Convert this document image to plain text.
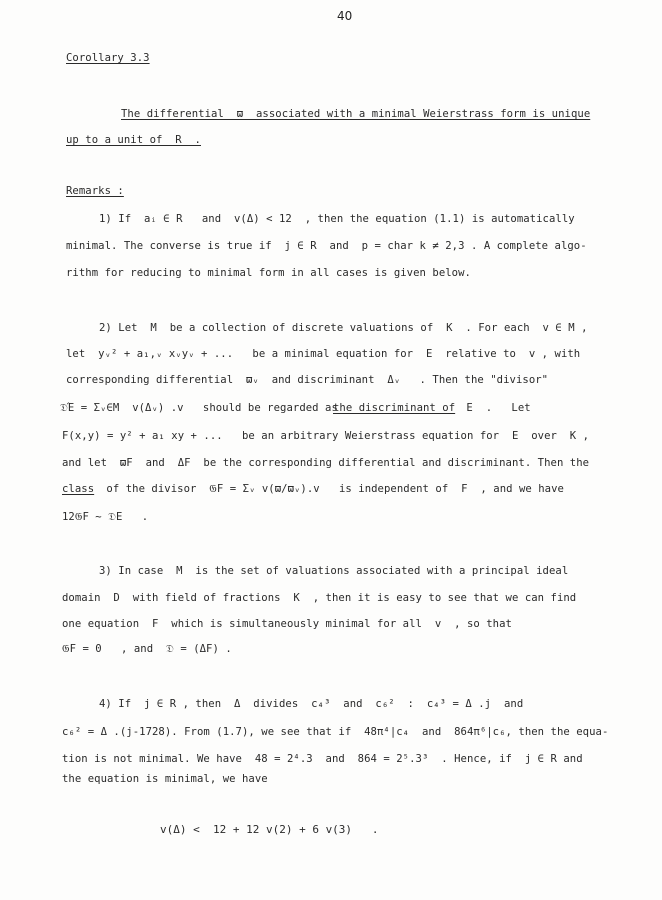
40
Corollary 3.3
The differential  ϖ  associated with a minimal Weierstrass form is unique
up to a unit of  R  .
Remarks :
1) If  aᵢ ∈ R   and  v(Δ) < 12  , then the equation (1.1) is automatically
minimal. The converse is true if  j ∈ R  and  p = char k ≠ 2,3 . A complete algo-
rithm for reducing to minimal form in all cases is given below.
2) Let  M  be a collection of discrete valuations of  K  . For each  v ∈ M ,
let  yᵥ² + a₁,ᵥ xᵥyᵥ + ...   be a minimal equation for  E  relative to  v , with
corresponding differential  ϖᵥ  and discriminant  Δᵥ   . Then the "divisor"
𝔇Έ = Σᵥ∈M  v(Δᵥ) .v   should be regarded as
the discriminant of E  .   Let
F(x,y) = y² + a₁ xy + ...   be an arbitrary Weierstrass equation for  E  over  K ,
and let  ϖF  and  ΔF  be the corresponding differential and discriminant. Then the
class of the divisor  𝔊F = Σᵥ v(ϖ/ϖᵥ).v   is independent of  F  , and we have
12𝔊F ~ 𝔇E   .
3) In case  M  is the set of valuations associated with a principal ideal
domain  D  with field of fractions  K  , then it is easy to see that we can find
one equation  F  which is simultaneously minimal for all  v  , so that
𝔊F = 0   , and  𝔇 = (ΔF) .
4) If  j ∈ R , then  Δ  divides  c₄³  and  c₆²  :  c₄³ = Δ .j  and
c₆² = Δ .(j-1728). From (1.7), we see that if  48π⁴|c₄  and  864π⁶|c₆, then the equa-
tion is not minimal. We have  48 = 2⁴.3  and  864 = 2⁵.3³  . Hence, if  j ∈ R and
the equation is minimal, we have
v(Δ) <  12 + 12 v(2) + 6 v(3)   .
